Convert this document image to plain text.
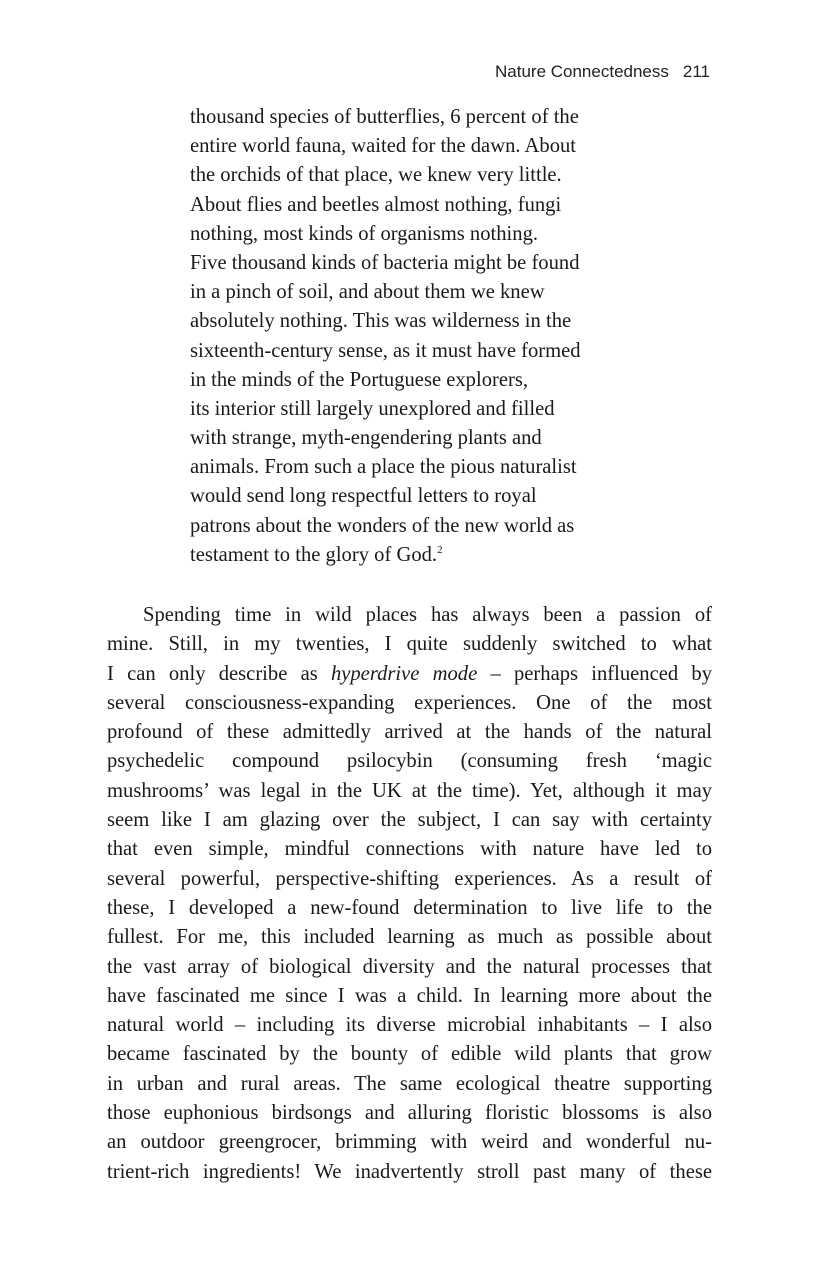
Nature Connectedness 211
thousand species of butterflies, 6 percent of the
entire world fauna, waited for the dawn. About
the orchids of that place, we knew very little.
About flies and beetles almost nothing, fungi
nothing, most kinds of organisms nothing.
Five thousand kinds of bacteria might be found
in a pinch of soil, and about them we knew
absolutely nothing. This was wilderness in the
sixteenth-century sense, as it must have formed
in the minds of the Portuguese explorers,
its interior still largely unexplored and filled
with strange, myth-engendering plants and
animals. From such a place the pious naturalist
would send long respectful letters to royal
patrons about the wonders of the new world as
testament to the glory of God.$^2$
Spending time in wild places has always been a passion of
mine. Still, in my twenties, I quite suddenly switched to what
I can only describe as hyperdrive mode – perhaps influenced by
several consciousness-expanding experiences. One of the most
profound of these admittedly arrived at the hands of the natural
psychedelic compound psilocybin (consuming fresh ‘magic
mushrooms’ was legal in the UK at the time). Yet, although it may
seem like I am glazing over the subject, I can say with certainty
that even simple, mindful connections with nature have led to
several powerful, perspective-shifting experiences. As a result of
these, I developed a new-found determination to live life to the
fullest. For me, this included learning as much as possible about
the vast array of biological diversity and the natural processes that
have fascinated me since I was a child. In learning more about the
natural world – including its diverse microbial inhabitants – I also
became fascinated by the bounty of edible wild plants that grow
in urban and rural areas. The same ecological theatre supporting
those euphonious birdsongs and alluring floristic blossoms is also
an outdoor greengrocer, brimming with weird and wonderful nu-
trient-rich ingredients! We inadvertently stroll past many of these
